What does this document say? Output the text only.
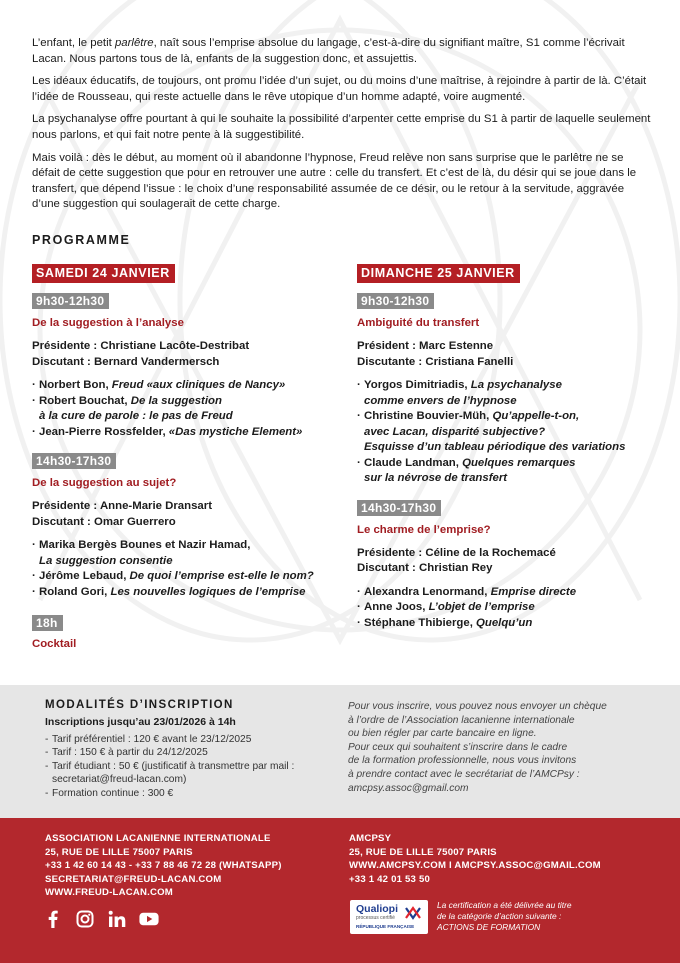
L’enfant, le petit parlêtre, naît sous l’emprise absolue du langage, c’est-à-dire du signifiant maître, S1 comme l’écrivait Lacan. Nous partons tous de là, enfants de la suggestion donc, et assujettis.

Les idéaux éducatifs, de toujours, ont promu l’idée d’un sujet, ou du moins d’une maîtrise, à rejoindre à partir de là. C’était l’idée de Rousseau, qui reste actuelle dans le rêve utopique d’un homme adapté, voire augmenté.

La psychanalyse offre pourtant à qui le souhaite la possibilité d’arpenter cette emprise du S1 à partir de laquelle seulement nous parlons, et qui fait notre pente à là suggestibilité.

Mais voilà : dès le début, au moment où il abandonne l’hypnose, Freud relève non sans surprise que le parlêtre ne se défait de cette suggestion que pour en retrouver une autre : celle du transfert. Et c’est de là, du désir qui se joue dans le transfert, que dépend l’issue : le choix d’une responsabilité assumée de ce désir, ou le retour à la servitude, aggravée d’une suggestion qui soulagerait de cette charge.

PROGRAMME
SAMEDI 24 JANVIER
9h30-12h30
De la suggestion à l’analyse
Présidente : Christiane Lacôte-Destribat
Discutant : Bernard Vandermersch
· Norbert Bon, Freud «aux cliniques de Nancy»
· Robert Bouchat, De la suggestion
à la cure de parole : le pas de Freud
· Jean-Pierre Rossfelder, «Das mystiche Element»
14h30-17h30
De la suggestion au sujet?
Présidente : Anne-Marie Dransart
Discutant : Omar Guerrero
· Marika Bergès Bounes et Nazir Hamad,
La suggestion consentie
· Jérôme Lebaud, De quoi l’emprise est-elle le nom?
· Roland Gori, Les nouvelles logiques de l’emprise
18h
Cocktail
DIMANCHE 25 JANVIER
9h30-12h30
Ambiguité du transfert
Président : Marc Estenne
Discutante : Cristiana Fanelli
· Yorgos Dimitriadis, La psychanalyse
comme envers de l’hypnose
· Christine Bouvier-Müh, Qu’appelle-t-on,
avec Lacan, disparité subjective?
Esquisse d’un tableau périodique des variations
· Claude Landman, Quelques remarques
sur la névrose de transfert
14h30-17h30
Le charme de l’emprise?
Présidente : Céline de la Rochemacé
Discutant : Christian Rey
· Alexandra Lenormand, Emprise directe
· Anne Joos, L’objet de l’emprise
· Stéphane Thibierge, Quelqu’un
MODALITÉS D’INSCRIPTION
Inscriptions jusqu’au 23/01/2026 à 14h
- Tarif préférentiel : 120 € avant le 23/12/2025
- Tarif : 150 € à partir du 24/12/2025
- Tarif étudiant : 50 € (justificatif à transmettre par mail :
secretariat@freud-lacan.com)
- Formation continue : 300 €
Pour vous inscrire, vous pouvez nous envoyer un chèque
à l’ordre de l’Association lacanienne internationale
ou bien régler par carte bancaire en ligne.
Pour ceux qui souhaitent s’inscrire dans le cadre
de la formation professionnelle, nous vous invitons
à prendre contact avec le secrétariat de l’AMCPsy :
amcpsy.assoc@gmail.com
ASSOCIATION LACANIENNE INTERNATIONALE
25, RUE DE LILLE 75007 PARIS
+33 1 42 60 14 43 - +33 7 88 46 72 28 (WHATSAPP)
SECRETARIAT@FREUD-LACAN.COM
WWW.FREUD-LACAN.COM
AMCPSY
25, RUE DE LILLE 75007 PARIS
WWW.AMCPSY.COM I AMCPSY.ASSOC@GMAIL.COM
+33 1 42 01 53 50
Qualiopi
processus certifié
RÉPUBLIQUE FRANÇAISE
La certification a été délivrée au titre
de la catégorie d’action suivante :
ACTIONS DE FORMATION
